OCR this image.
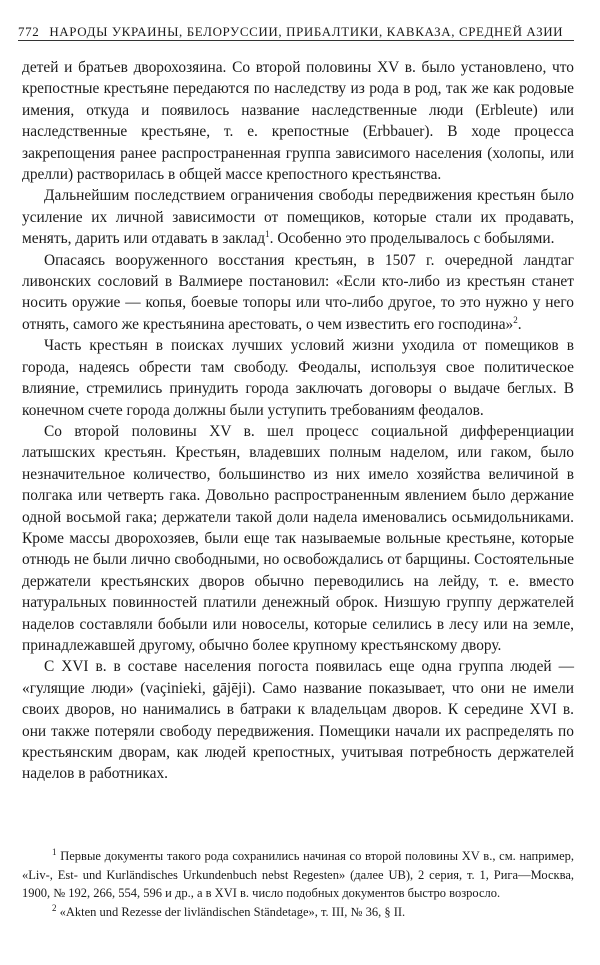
772 НАРОДЫ УКРАИНЫ, БЕЛОРУССИИ, ПРИБАЛТИКИ, КАВКАЗА, СРЕДНЕЙ АЗИИ

детей и братьев дворохозяина. Со второй половины XV в. было установлено, что крепостные крестьяне передаются по наследству из рода в род, так же как родовые имения, откуда и появилось название наследственные люди (Erbleute) или наследственные крестьяне, т. е. крепостные (Erbbauer). В ходе процесса закрепощения ранее распространенная группа зависимого населения (холопы, или дрелли) растворилась в общей массе крепостного крестьянства.

Дальнейшим последствием ограничения свободы передвижения крестьян было усиление их личной зависимости от помещиков, которые стали их продавать, менять, дарить или отдавать в заклад$^1$. Особенно это проделывалось с бобылями.

Опасаясь вооруженного восстания крестьян, в 1507 г. очередной ландтаг ливонских сословий в Валмиере постановил: «Если кто-либо из крестьян станет носить оружие — копья, боевые топоры или что-либо другое, то это нужно у него отнять, самого же крестьянина арестовать, о чем известить его господина»$^2$.

Часть крестьян в поисках лучших условий жизни уходила от помещиков в города, надеясь обрести там свободу. Феодалы, используя свое политическое влияние, стремились принудить города заключать договоры о выдаче беглых. В конечном счете города должны были уступить требованиям феодалов.

Со второй половины XV в. шел процесс социальной дифференциации латышских крестьян. Крестьян, владевших полным наделом, или гаком, было незначительное количество, большинство из них имело хозяйства величиной в полгака или четверть гака. Довольно распространенным явлением было держание одной восьмой гака; держатели такой доли надела именовались осьмидольниками. Кроме массы дворохозяев, были еще так называемые вольные крестьяне, которые отнюдь не были лично свободными, но освобождались от барщины. Состоятельные держатели крестьянских дворов обычно переводились на лейду, т. е. вместо натуральных повинностей платили денежный оброк. Низшую группу держателей наделов составляли бобыли или новоселы, которые селились в лесу или на земле, принадлежавшей другому, обычно более крупному крестьянскому двору.

С XVI в. в составе населения погоста появилась еще одна группа людей — «гулящие люди» (vaçinieki, gājēji). Само название показывает, что они не имели своих дворов, но нанимались в батраки к владельцам дворов. К середине XVI в. они также потеряли свободу передвижения. Помещики начали их распределять по крестьянским дворам, как людей крепостных, учитывая потребность держателей наделов в работниках.

$^1$ Первые документы такого рода сохранились начиная со второй половины XV в., см. например, «Liv-, Est- und Kurländisches Urkundenbuch nebst Regesten» (далее UB), 2 серия, т. 1, Рига—Москва, 1900, № 192, 266, 554, 596 и др., а в XVI в. число подобных документов быстро возросло.

$^2$ «Akten und Rezesse der livländischen Ständetage», т. III, № 36, § II.
